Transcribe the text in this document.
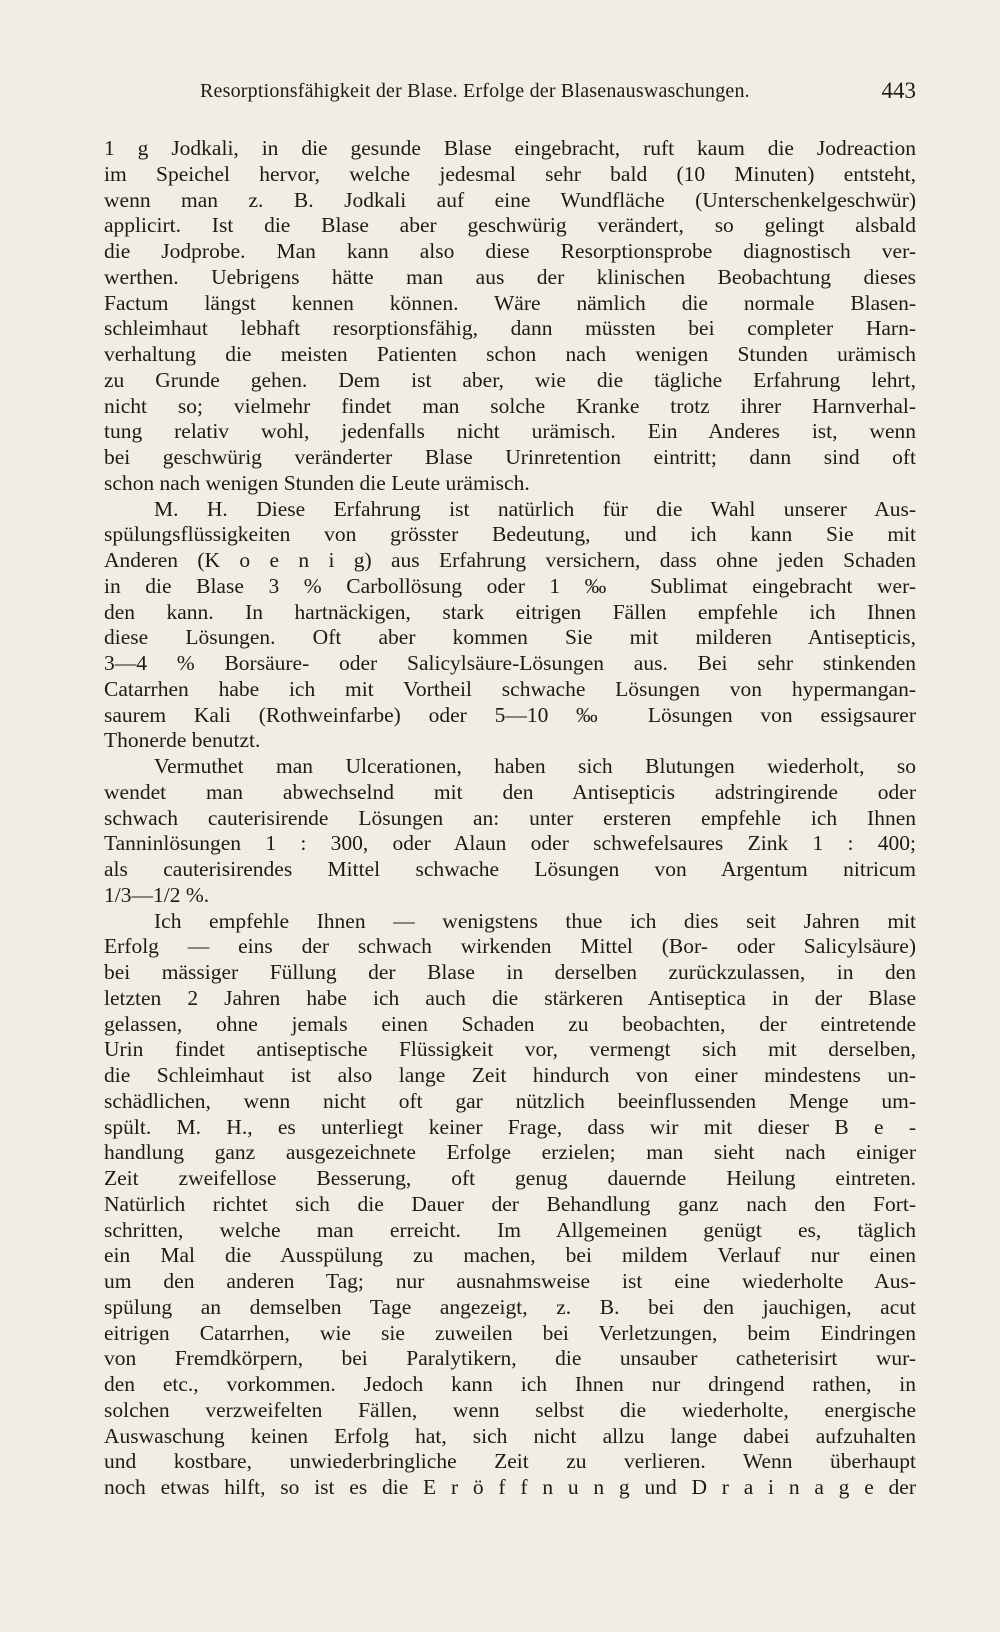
Resorptionsfähigkeit der Blase. Erfolge der Blasenauswaschungen.	443
1 g Jodkali, in die gesunde Blase eingebracht, ruft kaum die Jodreaction
im Speichel hervor, welche jedesmal sehr bald (10 Minuten) entsteht,
wenn man z. B. Jodkali auf eine Wundfläche (Unterschenkelgeschwür)
applicirt. Ist die Blase aber geschwürig verändert, so gelingt alsbald
die Jodprobe. Man kann also diese Resorptionsprobe diagnostisch ver-
werthen. Uebrigens hätte man aus der klinischen Beobachtung dieses
Factum längst kennen können. Wäre nämlich die normale Blasen-
schleimhaut lebhaft resorptionsfähig, dann müssten bei completer Harn-
verhaltung die meisten Patienten schon nach wenigen Stunden urämisch
zu Grunde gehen. Dem ist aber, wie die tägliche Erfahrung lehrt,
nicht so; vielmehr findet man solche Kranke trotz ihrer Harnverhal-
tung relativ wohl, jedenfalls nicht urämisch. Ein Anderes ist, wenn
bei geschwürig veränderter Blase Urinretention eintritt; dann sind oft
schon nach wenigen Stunden die Leute urämisch.
M. H. Diese Erfahrung ist natürlich für die Wahl unserer Aus-
spülungsflüssigkeiten von grösster Bedeutung, und ich kann Sie mit
Anderen (K o e n i g) aus Erfahrung versichern, dass ohne jeden Schaden
in die Blase 3 % Carbollösung oder 1 ‰ Sublimat eingebracht wer-
den kann. In hartnäckigen, stark eitrigen Fällen empfehle ich Ihnen
diese Lösungen. Oft aber kommen Sie mit milderen Antisepticis,
3—4 % Borsäure- oder Salicylsäure-Lösungen aus. Bei sehr stinkenden
Catarrhen habe ich mit Vortheil schwache Lösungen von hypermangan-
saurem Kali (Rothweinfarbe) oder 5—10 ‰ Lösungen von essigsaurer
Thonerde benutzt.
Vermuthet man Ulcerationen, haben sich Blutungen wiederholt, so
wendet man abwechselnd mit den Antisepticis adstringirende oder
schwach cauterisirende Lösungen an: unter ersteren empfehle ich Ihnen
Tanninlösungen 1 : 300, oder Alaun oder schwefelsaures Zink 1 : 400;
als cauterisirendes Mittel schwache Lösungen von Argentum nitricum
1/3—1/2 %.
Ich empfehle Ihnen — wenigstens thue ich dies seit Jahren mit
Erfolg — eins der schwach wirkenden Mittel (Bor- oder Salicylsäure)
bei mässiger Füllung der Blase in derselben zurückzulassen, in den
letzten 2 Jahren habe ich auch die stärkeren Antiseptica in der Blase
gelassen, ohne jemals einen Schaden zu beobachten, der eintretende
Urin findet antiseptische Flüssigkeit vor, vermengt sich mit derselben,
die Schleimhaut ist also lange Zeit hindurch von einer mindestens un-
schädlichen, wenn nicht oft gar nützlich beeinflussenden Menge um-
spült. M. H., es unterliegt keiner Frage, dass wir mit dieser B e -
handlung ganz ausgezeichnete Erfolge erzielen; man sieht nach einiger
Zeit zweifellose Besserung, oft genug dauernde Heilung eintreten.
Natürlich richtet sich die Dauer der Behandlung ganz nach den Fort-
schritten, welche man erreicht. Im Allgemeinen genügt es, täglich
ein Mal die Ausspülung zu machen, bei mildem Verlauf nur einen
um den anderen Tag; nur ausnahmsweise ist eine wiederholte Aus-
spülung an demselben Tage angezeigt, z. B. bei den jauchigen, acut
eitrigen Catarrhen, wie sie zuweilen bei Verletzungen, beim Eindringen
von Fremdkörpern, bei Paralytikern, die unsauber catheterisirt wur-
den etc., vorkommen. Jedoch kann ich Ihnen nur dringend rathen, in
solchen verzweifelten Fällen, wenn selbst die wiederholte, energische
Auswaschung keinen Erfolg hat, sich nicht allzu lange dabei aufzuhalten
und kostbare, unwiederbringliche Zeit zu verlieren. Wenn überhaupt
noch etwas hilft, so ist es die E r ö f f n u n g und D r a i n a g e der
